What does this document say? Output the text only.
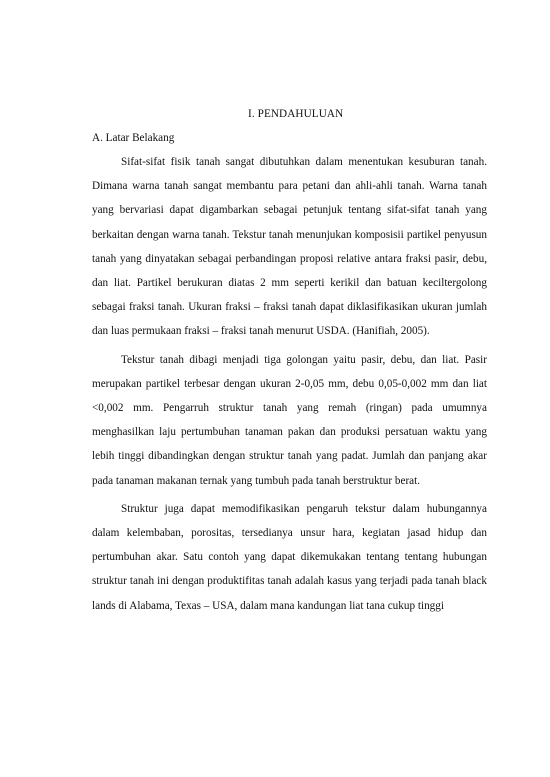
I. PENDAHULUAN
A. Latar Belakang

Sifat-sifat fisik tanah sangat dibutuhkan dalam menentukan kesuburan tanah. Dimana warna tanah sangat membantu para petani dan ahli-ahli tanah. Warna tanah yang bervariasi dapat digambarkan sebagai petunjuk tentang sifat-sifat tanah yang berkaitan dengan warna tanah. Tekstur tanah menunjukan komposisii partikel penyusun tanah yang dinyatakan sebagai perbandingan proposi relative antara fraksi pasir, debu, dan liat. Partikel berukuran diatas 2 mm seperti kerikil dan batuan keciltergolong sebagai fraksi tanah. Ukuran fraksi – fraksi tanah dapat diklasifikasikan ukuran jumlah dan luas permukaan fraksi – fraksi tanah menurut USDA. (Hanifiah, 2005).

Tekstur tanah dibagi menjadi tiga golongan yaitu pasir, debu, dan liat. Pasir merupakan partikel terbesar dengan ukuran 2-0,05 mm, debu 0,05-0,002 mm dan liat <0,002 mm. Pengarruh struktur tanah yang remah (ringan) pada umumnya menghasilkan laju pertumbuhan tanaman pakan dan produksi persatuan waktu yang lebih tinggi dibandingkan dengan struktur tanah yang padat. Jumlah dan panjang akar pada tanaman makanan ternak yang tumbuh pada tanah berstruktur berat.

Struktur juga dapat memodifikasikan pengaruh tekstur dalam hubungannya dalam kelembaban, porositas, tersedianya unsur hara, kegiatan jasad hidup dan pertumbuhan akar. Satu contoh yang dapat dikemukakan tentang tentang hubungan struktur tanah ini dengan produktifitas tanah adalah kasus yang terjadi pada tanah black lands di Alabama, Texas – USA, dalam mana kandungan liat tana cukup tinggi
